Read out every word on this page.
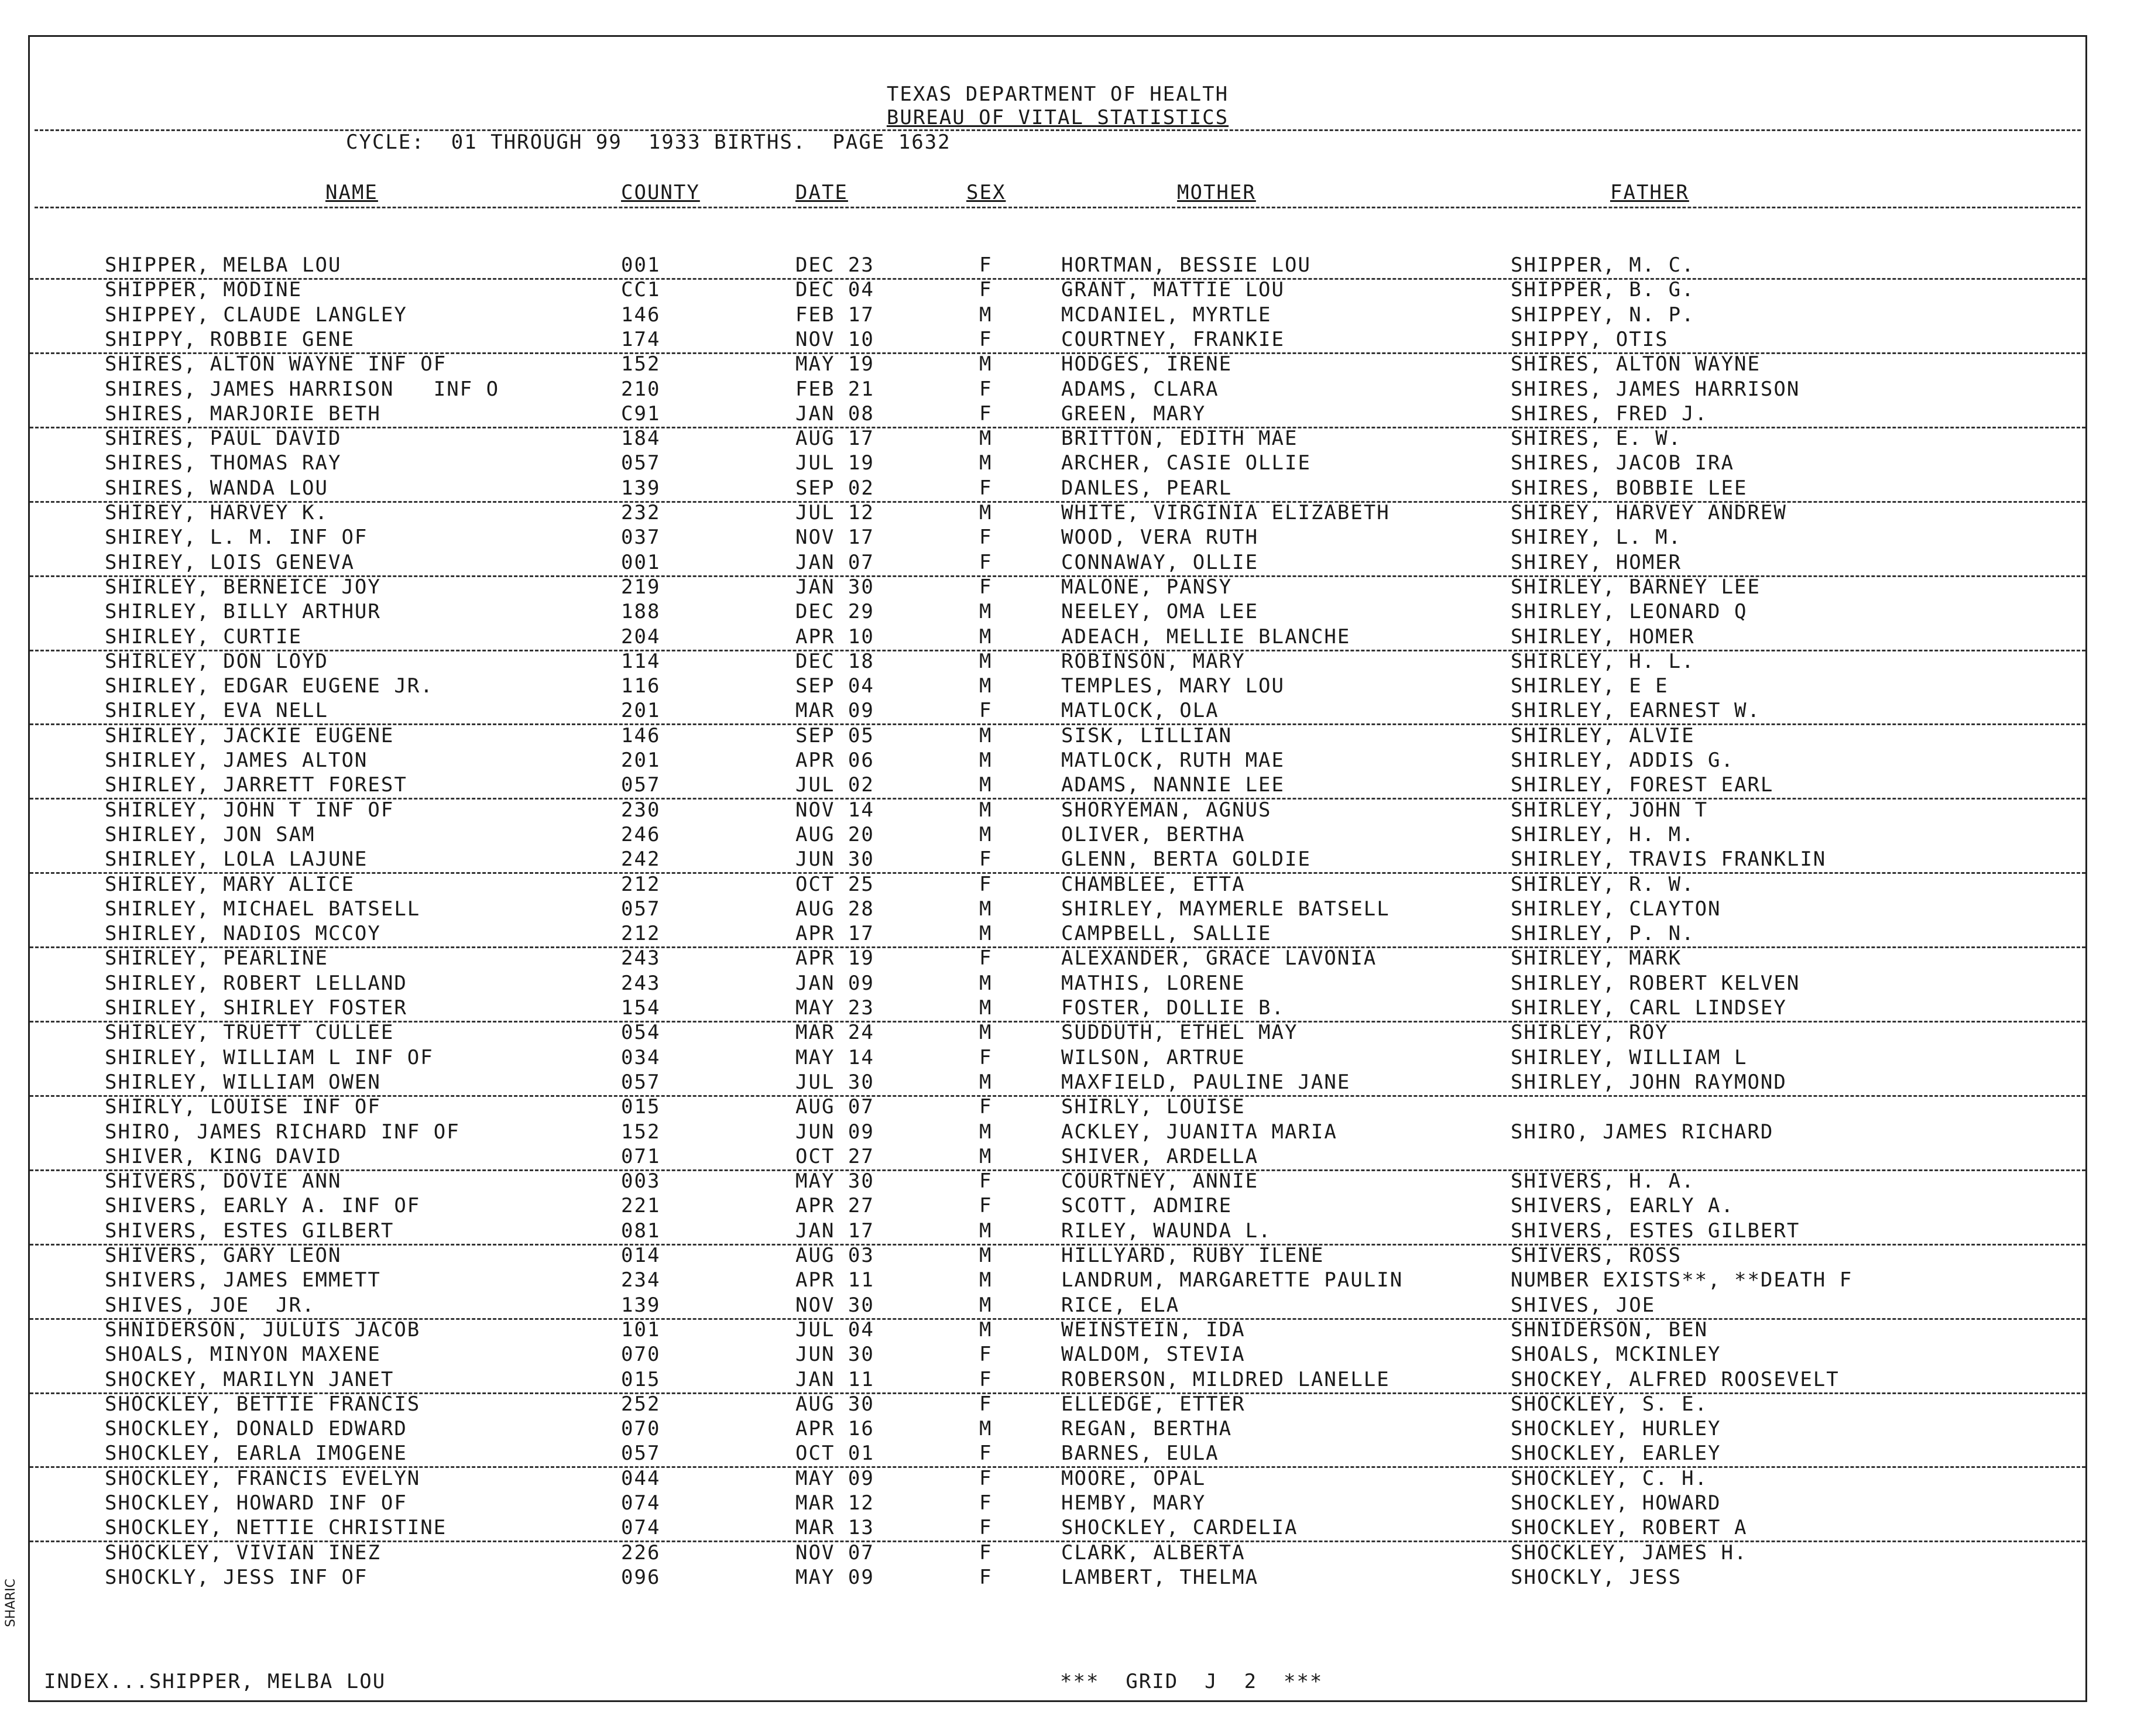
TEXAS DEPARTMENT OF HEALTH
BUREAU OF VITAL STATISTICS
CYCLE:  01 THROUGH 99  1933 BIRTHS.  PAGE 1632
NAME	COUNTY	DATE	SEX	MOTHER	FATHER
SHIPPER, MELBA LOU	001	DEC 23	F	HORTMAN, BESSIE LOU	SHIPPER, M. C.
SHIPPER, MODINE	CC1	DEC 04	F	GRANT, MATTIE LOU	SHIPPER, B. G.
SHIPPEY, CLAUDE LANGLEY	146	FEB 17	M	MCDANIEL, MYRTLE	SHIPPEY, N. P.
SHIPPY, ROBBIE GENE	174	NOV 10	F	COURTNEY, FRANKIE	SHIPPY, OTIS
SHIRES, ALTON WAYNE INF OF	152	MAY 19	M	HODGES, IRENE	SHIRES, ALTON WAYNE
SHIRES, JAMES HARRISON   INF O	210	FEB 21	F	ADAMS, CLARA	SHIRES, JAMES HARRISON
SHIRES, MARJORIE BETH	C91	JAN 08	F	GREEN, MARY	SHIRES, FRED J.
SHIRES, PAUL DAVID	184	AUG 17	M	BRITTON, EDITH MAE	SHIRES, E. W.
SHIRES, THOMAS RAY	057	JUL 19	M	ARCHER, CASIE OLLIE	SHIRES, JACOB IRA
SHIRES, WANDA LOU	139	SEP 02	F	DANLES, PEARL	SHIRES, BOBBIE LEE
SHIREY, HARVEY K.	232	JUL 12	M	WHITE, VIRGINIA ELIZABETH	SHIREY, HARVEY ANDREW
SHIREY, L. M. INF OF	037	NOV 17	F	WOOD, VERA RUTH	SHIREY, L. M.
SHIREY, LOIS GENEVA	001	JAN 07	F	CONNAWAY, OLLIE	SHIREY, HOMER
SHIRLEY, BERNEICE JOY	219	JAN 30	F	MALONE, PANSY	SHIRLEY, BARNEY LEE
SHIRLEY, BILLY ARTHUR	188	DEC 29	M	NEELEY, OMA LEE	SHIRLEY, LEONARD Q
SHIRLEY, CURTIE	204	APR 10	M	ADEACH, MELLIE BLANCHE	SHIRLEY, HOMER
SHIRLEY, DON LOYD	114	DEC 18	M	ROBINSON, MARY	SHIRLEY, H. L.
SHIRLEY, EDGAR EUGENE JR.	116	SEP 04	M	TEMPLES, MARY LOU	SHIRLEY, E E
SHIRLEY, EVA NELL	201	MAR 09	F	MATLOCK, OLA	SHIRLEY, EARNEST W.
SHIRLEY, JACKIE EUGENE	146	SEP 05	M	SISK, LILLIAN	SHIRLEY, ALVIE
SHIRLEY, JAMES ALTON	201	APR 06	M	MATLOCK, RUTH MAE	SHIRLEY, ADDIS G.
SHIRLEY, JARRETT FOREST	057	JUL 02	M	ADAMS, NANNIE LEE	SHIRLEY, FOREST EARL
SHIRLEY, JOHN T INF OF	230	NOV 14	M	SHORYEMAN, AGNUS	SHIRLEY, JOHN T
SHIRLEY, JON SAM	246	AUG 20	M	OLIVER, BERTHA	SHIRLEY, H. M.
SHIRLEY, LOLA LAJUNE	242	JUN 30	F	GLENN, BERTA GOLDIE	SHIRLEY, TRAVIS FRANKLIN
SHIRLEY, MARY ALICE	212	OCT 25	F	CHAMBLEE, ETTA	SHIRLEY, R. W.
SHIRLEY, MICHAEL BATSELL	057	AUG 28	M	SHIRLEY, MAYMERLE BATSELL	SHIRLEY, CLAYTON
SHIRLEY, NADIOS MCCOY	212	APR 17	M	CAMPBELL, SALLIE	SHIRLEY, P. N.
SHIRLEY, PEARLINE	243	APR 19	F	ALEXANDER, GRACE LAVONIA	SHIRLEY, MARK
SHIRLEY, ROBERT LELLAND	243	JAN 09	M	MATHIS, LORENE	SHIRLEY, ROBERT KELVEN
SHIRLEY, SHIRLEY FOSTER	154	MAY 23	M	FOSTER, DOLLIE B.	SHIRLEY, CARL LINDSEY
SHIRLEY, TRUETT CULLEE	054	MAR 24	M	SUDDUTH, ETHEL MAY	SHIRLEY, ROY
SHIRLEY, WILLIAM L INF OF	034	MAY 14	F	WILSON, ARTRUE	SHIRLEY, WILLIAM L
SHIRLEY, WILLIAM OWEN	057	JUL 30	M	MAXFIELD, PAULINE JANE	SHIRLEY, JOHN RAYMOND
SHIRLY, LOUISE INF OF	015	AUG 07	F	SHIRLY, LOUISE
SHIRO, JAMES RICHARD INF OF	152	JUN 09	M	ACKLEY, JUANITA MARIA	SHIRO, JAMES RICHARD
SHIVER, KING DAVID	071	OCT 27	M	SHIVER, ARDELLA
SHIVERS, DOVIE ANN	003	MAY 30	F	COURTNEY, ANNIE	SHIVERS, H. A.
SHIVERS, EARLY A. INF OF	221	APR 27	F	SCOTT, ADMIRE	SHIVERS, EARLY A.
SHIVERS, ESTES GILBERT	081	JAN 17	M	RILEY, WAUNDA L.	SHIVERS, ESTES GILBERT
SHIVERS, GARY LEON	014	AUG 03	M	HILLYARD, RUBY ILENE	SHIVERS, ROSS
SHIVERS, JAMES EMMETT	234	APR 11	M	LANDRUM, MARGARETTE PAULIN	NUMBER EXISTS**, **DEATH F
SHIVES, JOE  JR.	139	NOV 30	M	RICE, ELA	SHIVES, JOE
SHNIDERSON, JULUIS JACOB	101	JUL 04	M	WEINSTEIN, IDA	SHNIDERSON, BEN
SHOALS, MINYON MAXENE	070	JUN 30	F	WALDOM, STEVIA	SHOALS, MCKINLEY
SHOCKEY, MARILYN JANET	015	JAN 11	F	ROBERSON, MILDRED LANELLE	SHOCKEY, ALFRED ROOSEVELT
SHOCKLEY, BETTIE FRANCIS	252	AUG 30	F	ELLEDGE, ETTER	SHOCKLEY, S. E.
SHOCKLEY, DONALD EDWARD	070	APR 16	M	REGAN, BERTHA	SHOCKLEY, HURLEY
SHOCKLEY, EARLA IMOGENE	057	OCT 01	F	BARNES, EULA	SHOCKLEY, EARLEY
SHOCKLEY, FRANCIS EVELYN	044	MAY 09	F	MOORE, OPAL	SHOCKLEY, C. H.
SHOCKLEY, HOWARD INF OF	074	MAR 12	F	HEMBY, MARY	SHOCKLEY, HOWARD
SHOCKLEY, NETTIE CHRISTINE	074	MAR 13	F	SHOCKLEY, CARDELIA	SHOCKLEY, ROBERT A
SHOCKLEY, VIVIAN INEZ	226	NOV 07	F	CLARK, ALBERTA	SHOCKLEY, JAMES H.
SHOCKLY, JESS INF OF	096	MAY 09	F	LAMBERT, THELMA	SHOCKLY, JESS
INDEX...SHIPPER, MELBA LOU	***  GRID  J  2  ***
SHARIC
